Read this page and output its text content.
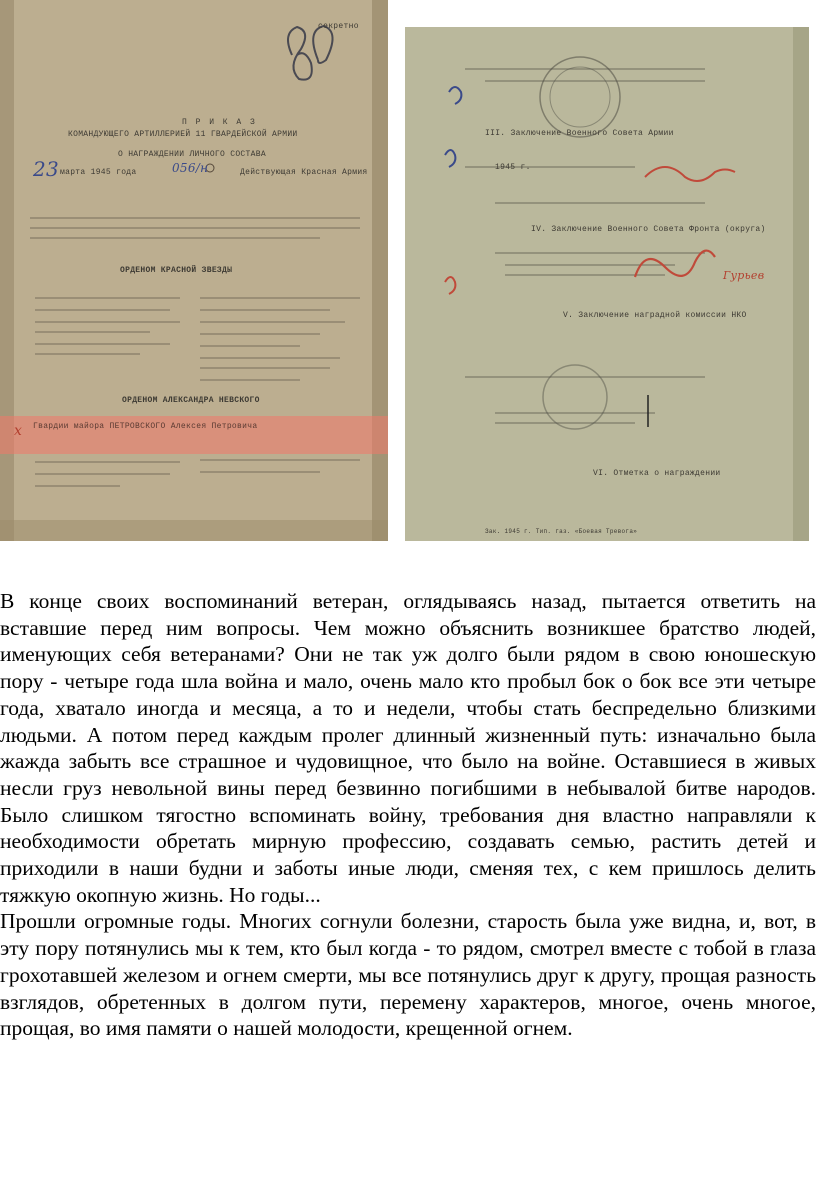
секретно

П Р И К А З
КОМАНДУЮЩЕГО АРТИЛЛЕРИЕЙ 11 ГВАРДЕЙСКОЙ АРМИИ
О НАГРАЖДЕНИИ ЛИЧНОГО СОСТАВА
23 марта 1945 года	056/н	Действующая Красная Армия
ОРДЕНОМ КРАСНОЙ ЗВЕЗДЫ
ОРДЕНОМ АЛЕКСАНДРА НЕВСКОГО
Гвардии майора ПЕТРОВСКОГО Алексея Петровича
x
III. Заключение Военного Совета Армии
IV. Заключение Военного Совета Фронта (округа)
V. Заключение наградной комиссии НКО
VI. Отметка о награждении
1945 г.
Гурьев
Зак. 1945 г. Тип. газ. «Боевая Тревога»

В конце своих воспоминаний ветеран, оглядываясь назад, пытается ответить на вставшие перед ним вопросы. Чем можно объяснить возникшее братство людей, именующих себя ветеранами? Они не так уж долго были рядом в свою юношескую пору - четыре года шла война и мало, очень мало кто пробыл бок о бок все эти четыре года, хватало иногда и месяца, а то и недели, чтобы стать беспредельно близкими людьми. А потом перед каждым пролег длинный жизненный путь: изначально была жажда забыть все страшное и чудовищное, что было на войне. Оставшиеся в живых несли груз невольной вины перед безвинно погибшими в небывалой битве народов. Было слишком тягостно вспоминать войну, требования дня властно направляли к необходимости обретать мирную профессию, создавать семью, растить детей и приходили в наши будни и заботы иные люди, сменяя тех, с кем пришлось делить тяжкую окопную жизнь. Но годы...

Прошли огромные годы. Многих согнули болезни, старость была уже видна, и, вот, в эту пору потянулись мы к тем, кто был когда - то рядом, смотрел вместе с тобой в глаза грохотавшей железом и огнем смерти, мы все потянулись друг к другу, прощая разность взглядов, обретенных в долгом пути, перемену характеров, многое, очень многое, прощая, во имя памяти о нашей молодости, крещенной огнем.
